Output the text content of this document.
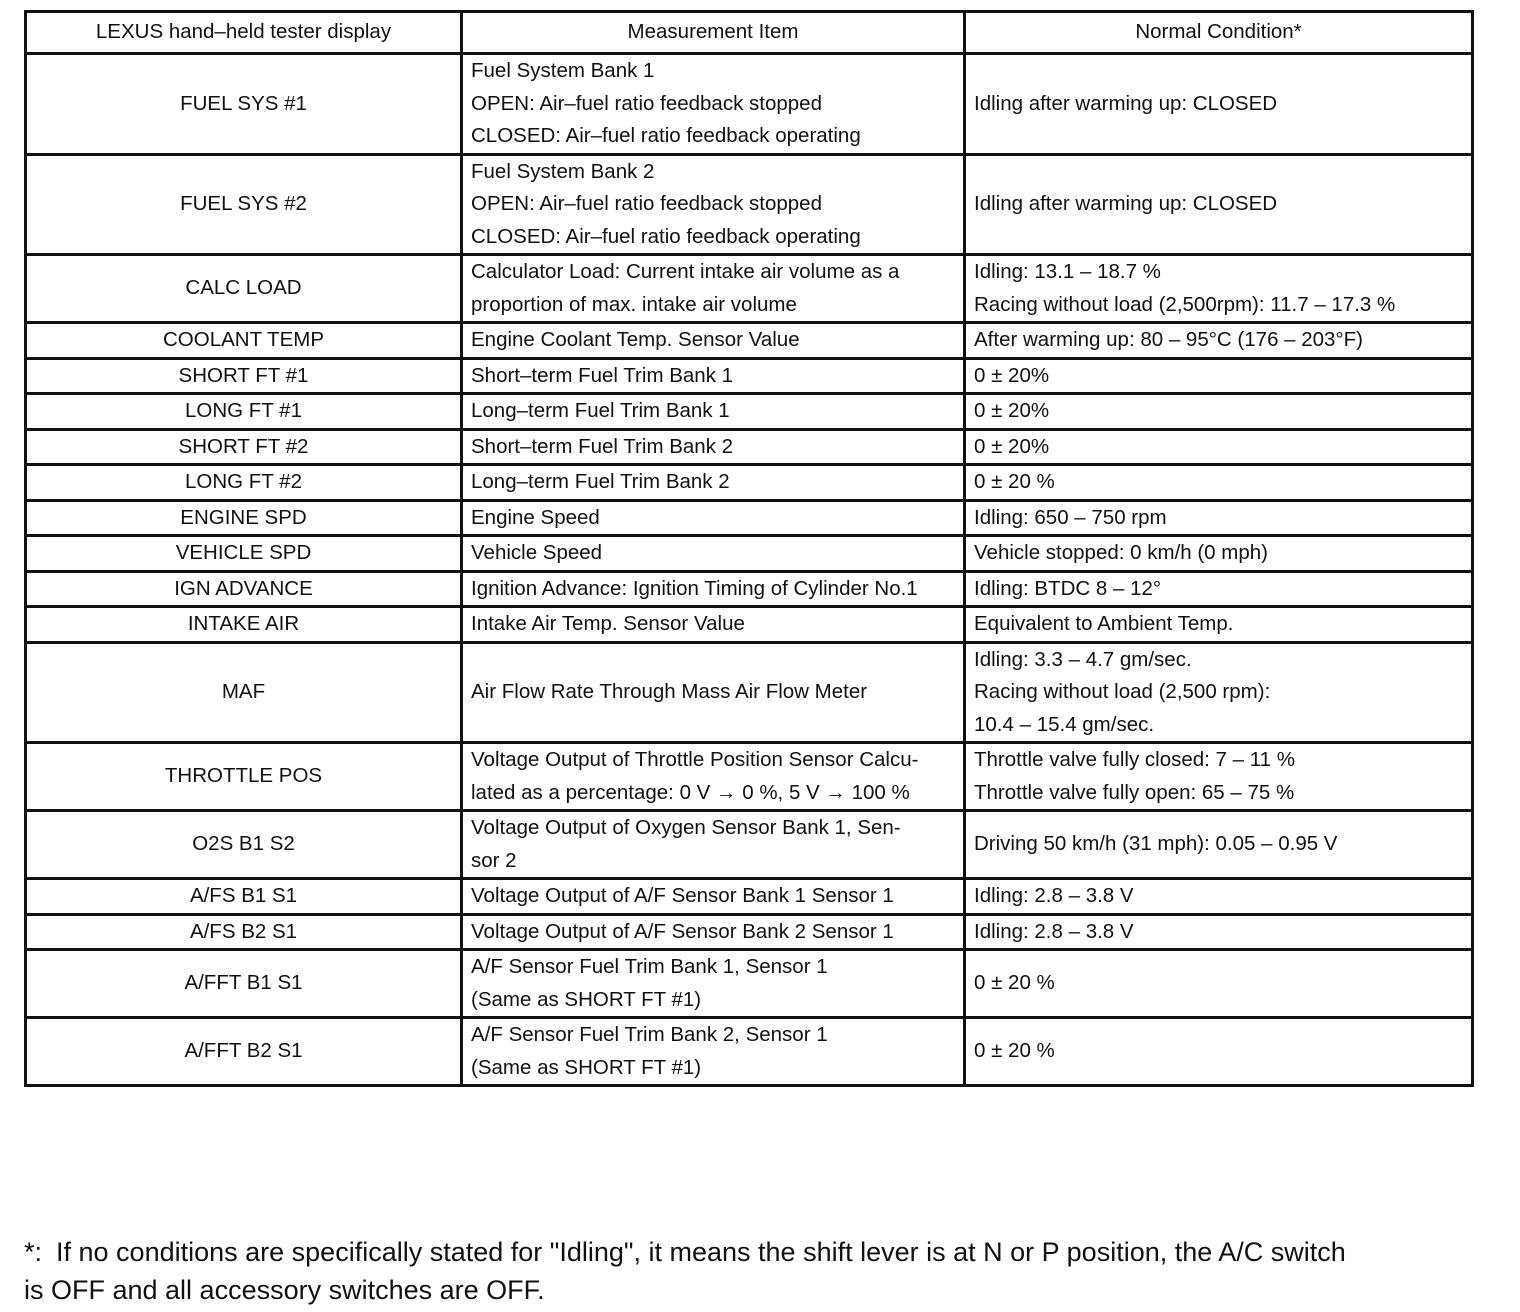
LEXUS hand–held tester display	Measurement Item	Normal Condition*
FUEL SYS #1	Fuel System Bank 1
OPEN: Air–fuel ratio feedback stopped
CLOSED: Air–fuel ratio feedback operating	Idling after warming up: CLOSED

FUEL SYS #2	Fuel System Bank 2
OPEN: Air–fuel ratio feedback stopped
CLOSED: Air–fuel ratio feedback operating	Idling after warming up: CLOSED

CALC LOAD	Calculator Load: Current intake air volume as a
proportion of max. intake air volume	Idling: 13.1 – 18.7 %
Racing without load (2,500rpm): 11.7 – 17.3 %

COOLANT TEMP	Engine Coolant Temp. Sensor Value	After warming up: 80 – 95°C (176 – 203°F)

SHORT FT #1	Short–term Fuel Trim Bank 1	0 ± 20%

LONG FT #1	Long–term Fuel Trim Bank 1	0 ± 20%

SHORT FT #2	Short–term Fuel Trim Bank 2	0 ± 20%

LONG FT #2	Long–term Fuel Trim Bank 2	0 ± 20 %

ENGINE SPD	Engine Speed	Idling: 650 – 750 rpm

VEHICLE SPD	Vehicle Speed	Vehicle stopped: 0 km/h (0 mph)

IGN ADVANCE	Ignition Advance: Ignition Timing of Cylinder No.1	Idling: BTDC 8 – 12°

INTAKE AIR	Intake Air Temp. Sensor Value	Equivalent to Ambient Temp.

MAF	Air Flow Rate Through Mass Air Flow Meter	Idling: 3.3 – 4.7 gm/sec.
Racing without load (2,500 rpm):
10.4 – 15.4 gm/sec.

THROTTLE POS	Voltage Output of Throttle Position Sensor Calcu-
lated as a percentage: 0 V → 0 %, 5 V → 100 %	Throttle valve fully closed: 7 – 11 %
Throttle valve fully open: 65 – 75 %

O2S B1 S2	Voltage Output of Oxygen Sensor Bank 1, Sen-
sor 2	Driving 50 km/h (31 mph): 0.05 – 0.95 V

A/FS B1 S1	Voltage Output of A/F Sensor Bank 1 Sensor 1	Idling: 2.8 – 3.8 V

A/FS B2 S1	Voltage Output of A/F Sensor Bank 2 Sensor 1	Idling: 2.8 – 3.8 V

A/FFT B1 S1	A/F Sensor Fuel Trim Bank 1, Sensor 1
(Same as SHORT FT #1)	0 ± 20 %

A/FFT B2 S1	A/F Sensor Fuel Trim Bank 2, Sensor 1
(Same as SHORT FT #1)	0 ± 20 %
*: If no conditions are specifically stated for "Idling", it means the shift lever is at N or P position, the A/C switch
is OFF and all accessory switches are OFF.
